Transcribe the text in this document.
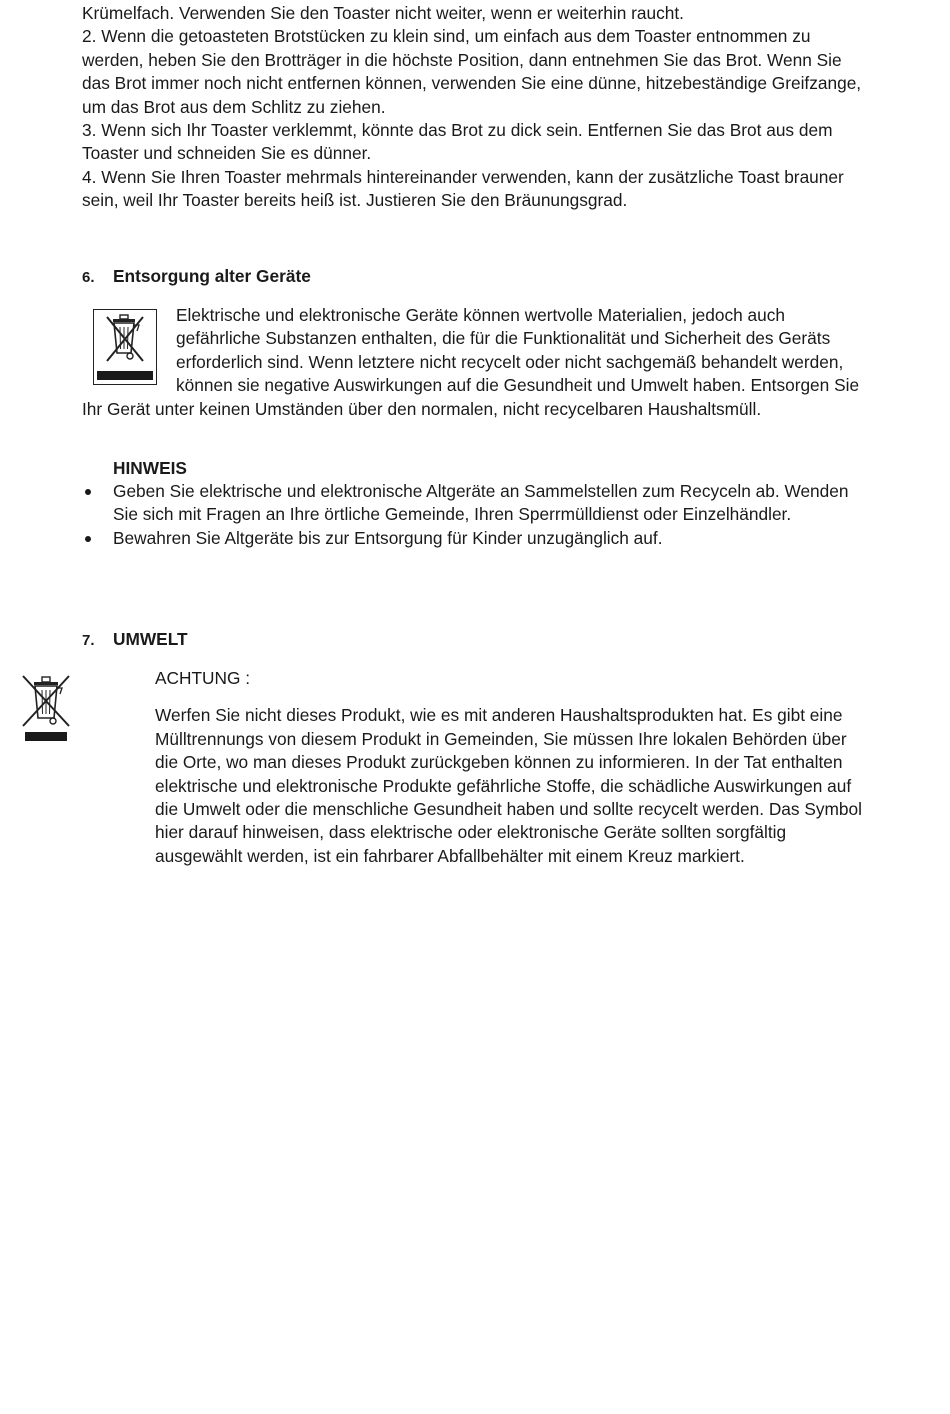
Krümelfach. Verwenden Sie den Toaster nicht weiter, wenn er weiterhin raucht.

2. Wenn die getoasteten Brotstücken zu klein sind, um einfach aus dem Toaster entnommen zu werden, heben Sie den Brotträger in die höchste Position, dann entnehmen Sie das Brot. Wenn Sie das Brot immer noch nicht entfernen können, verwenden Sie eine dünne, hitzebeständige Greifzange, um das Brot aus dem Schlitz zu ziehen.

3. Wenn sich Ihr Toaster verklemmt, könnte das Brot zu dick sein. Entfernen Sie das Brot aus dem Toaster und schneiden Sie es dünner.

4. Wenn Sie Ihren Toaster mehrmals hintereinander verwenden, kann der zusätzliche Toast brauner sein, weil Ihr Toaster bereits heiß ist. Justieren Sie den Bräunungsgrad.

6.	Entsorgung alter Geräte

Elektrische und elektronische Geräte können wertvolle Materialien, jedoch auch gefährliche Substanzen enthalten, die für die Funktionalität und Sicherheit des Geräts erforderlich sind. Wenn letztere nicht recycelt oder nicht sachgemäß behandelt werden, können sie negative Auswirkungen auf die Gesundheit und Umwelt haben. Entsorgen Sie Ihr Gerät unter keinen Umständen über den normalen, nicht recycelbaren Haushaltsmüll.

HINWEIS

Geben Sie elektrische und elektronische Altgeräte an Sammelstellen zum Recyceln ab. Wenden Sie sich mit Fragen an Ihre örtliche Gemeinde, Ihren Sperrmülldienst oder Einzelhändler.
Bewahren Sie Altgeräte bis zur Entsorgung für Kinder unzugänglich auf.
7.	UMWELT

ACHTUNG :

Werfen Sie nicht dieses Produkt, wie es mit anderen Haushaltsprodukten hat. Es gibt eine Mülltrennungs von diesem Produkt in Gemeinden, Sie müssen Ihre lokalen Behörden über die Orte, wo man dieses Produkt zurückgeben können zu informieren. In der Tat enthalten elektrische und elektronische Produkte gefährliche Stoffe, die schädliche Auswirkungen auf die Umwelt oder die menschliche Gesundheit haben und sollte recycelt werden. Das Symbol hier darauf hinweisen, dass elektrische oder elektronische Geräte sollten sorgfältig ausgewählt werden, ist ein fahrbarer Abfallbehälter mit einem Kreuz markiert.
